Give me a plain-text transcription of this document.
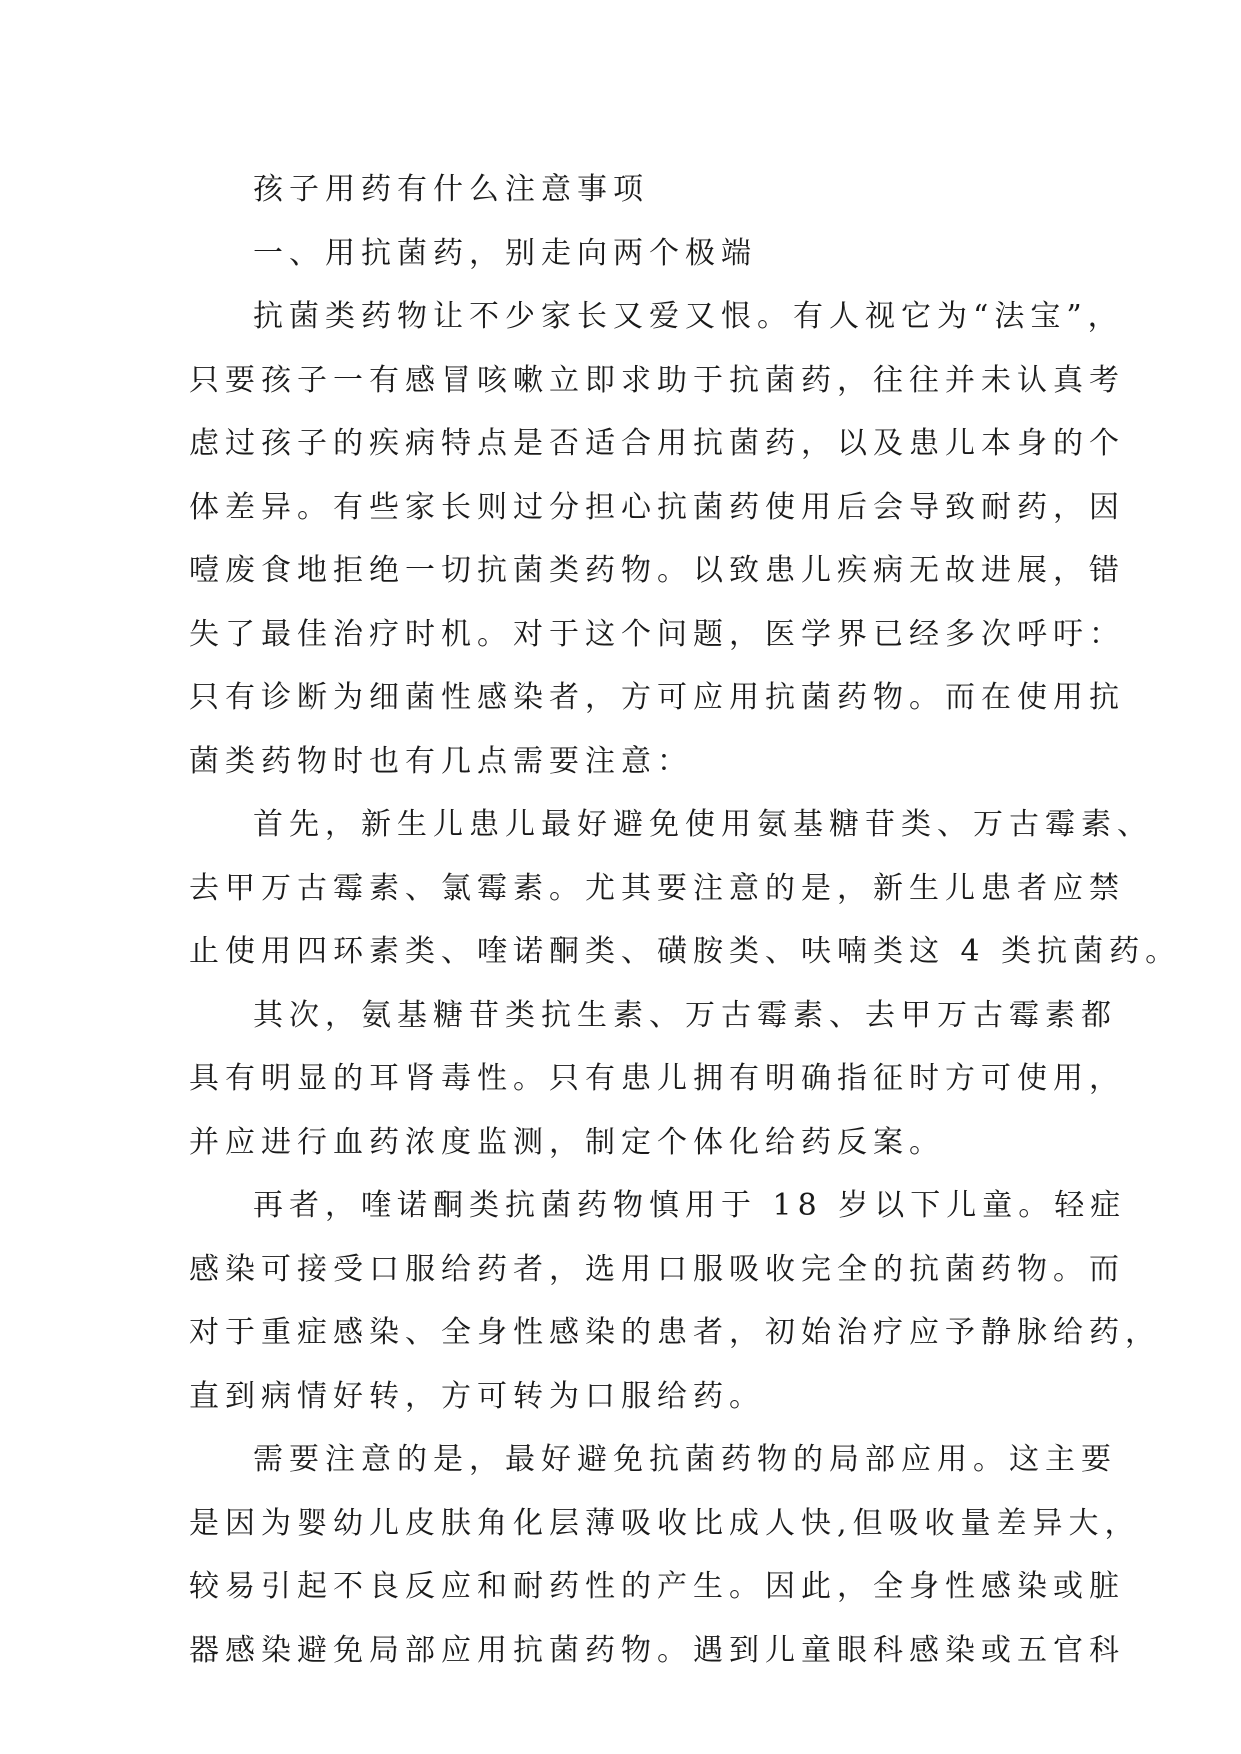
孩子用药有什么注意事项
一、用抗菌药，别走向两个极端
抗菌类药物让不少家长又爱又恨。有人视它为“法宝”，
只要孩子一有感冒咳嗽立即求助于抗菌药，往往并未认真考
虑过孩子的疾病特点是否适合用抗菌药，以及患儿本身的个
体差异。有些家长则过分担心抗菌药使用后会导致耐药，因
噎废食地拒绝一切抗菌类药物。以致患儿疾病无故进展，错
失了最佳治疗时机。对于这个问题，医学界已经多次呼吁：
只有诊断为细菌性感染者，方可应用抗菌药物。而在使用抗
菌类药物时也有几点需要注意：
首先，新生儿患儿最好避免使用氨基糖苷类、万古霉素、
去甲万古霉素、氯霉素。尤其要注意的是，新生儿患者应禁
止使用四环素类、喹诺酮类、磺胺类、呋喃类这 4 类抗菌药。
其次，氨基糖苷类抗生素、万古霉素、去甲万古霉素都
具有明显的耳肾毒性。只有患儿拥有明确指征时方可使用，
并应进行血药浓度监测，制定个体化给药反案。
再者，喹诺酮类抗菌药物慎用于 18 岁以下儿童。轻症
感染可接受口服给药者，选用口服吸收完全的抗菌药物。而
对于重症感染、全身性感染的患者，初始治疗应予静脉给药，
直到病情好转，方可转为口服给药。
需要注意的是，最好避免抗菌药物的局部应用。这主要
是因为婴幼儿皮肤角化层薄吸收比成人快,但吸收量差异大，
较易引起不良反应和耐药性的产生。因此，全身性感染或脏
器感染避免局部应用抗菌药物。遇到儿童眼科感染或五官科
